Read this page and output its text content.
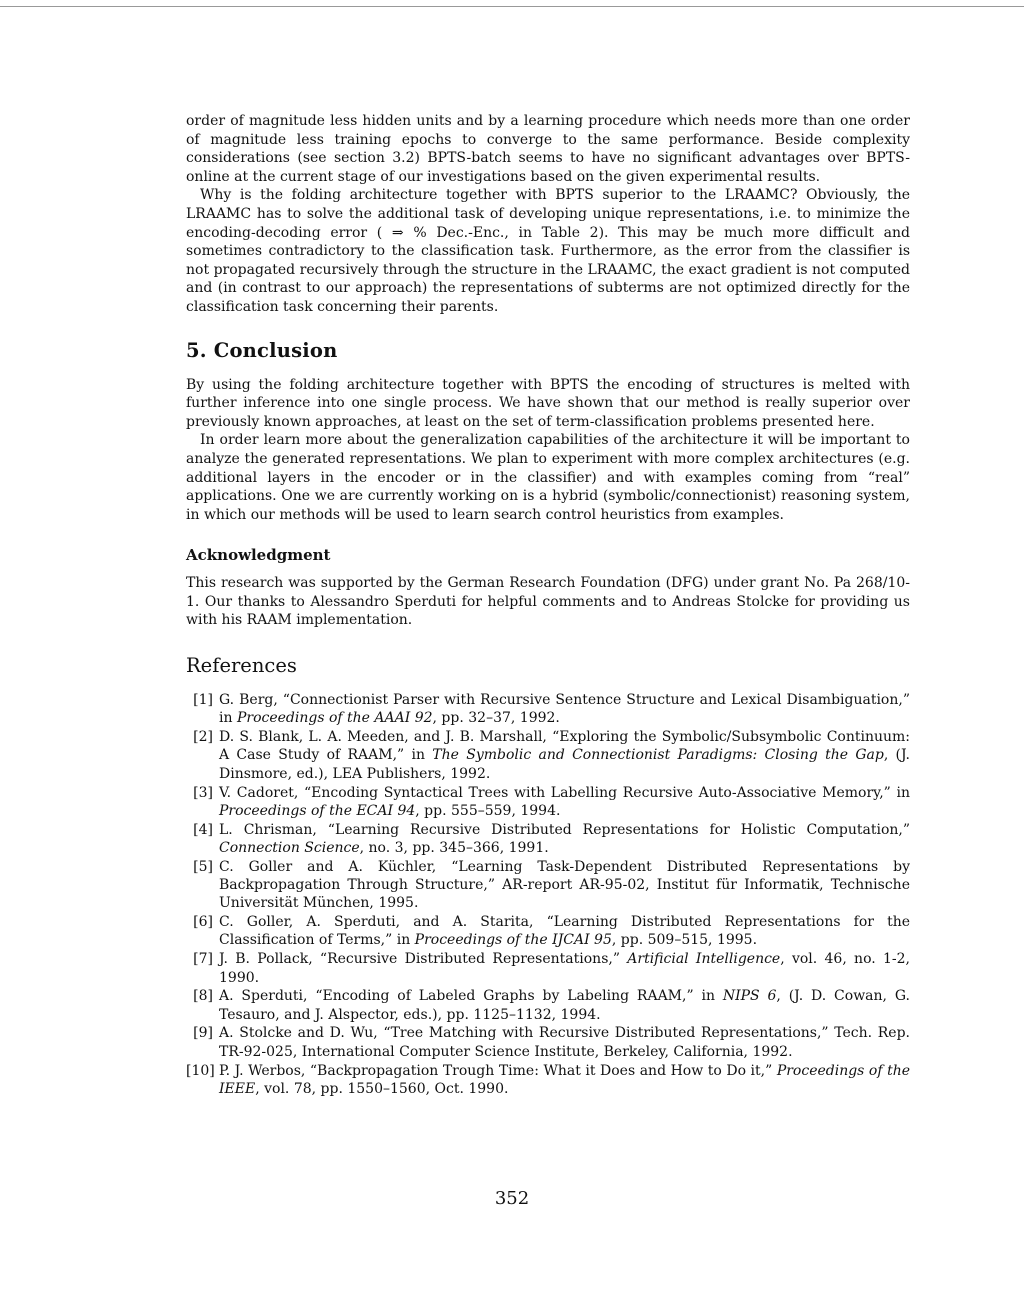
order of magnitude less hidden units and by a learning procedure which needs more than one order of magnitude less training epochs to converge to the same performance. Beside complexity considerations (see section 3.2) BPTS-batch seems to have no significant advantages over BPTS-online at the current stage of our investigations based on the given experimental results.

Why is the folding architecture together with BPTS superior to the LRAAMC? Obviously, the LRAAMC has to solve the additional task of developing unique representations, i.e. to minimize the encoding-decoding error ( ⇒ % Dec.-Enc., in Table 2). This may be much more difficult and sometimes contradictory to the classification task. Furthermore, as the error from the classifier is not propagated recursively through the structure in the LRAAMC, the exact gradient is not computed and (in contrast to our approach) the representations of subterms are not optimized directly for the classification task concerning their parents.

5. Conclusion

By using the folding architecture together with BPTS the encoding of structures is melted with further inference into one single process. We have shown that our method is really superior over previously known approaches, at least on the set of term-classification problems presented here.

In order learn more about the generalization capabilities of the architecture it will be important to analyze the generated representations. We plan to experiment with more complex architectures (e.g. additional layers in the encoder or in the classifier) and with examples coming from “real” applications. One we are currently working on is a hybrid (symbolic/connectionist) reasoning system, in which our methods will be used to learn search control heuristics from examples.

Acknowledgment

This research was supported by the German Research Foundation (DFG) under grant No. Pa 268/10-1. Our thanks to Alessandro Sperduti for helpful comments and to Andreas Stolcke for providing us with his RAAM implementation.

References
[1] G. Berg, “Connectionist Parser with Recursive Sentence Structure and Lexical Disambiguation,” in Proceedings of the AAAI 92, pp. 32–37, 1992.
[2] D. S. Blank, L. A. Meeden, and J. B. Marshall, “Exploring the Symbolic/Subsymbolic Continuum: A Case Study of RAAM,” in The Symbolic and Connectionist Paradigms: Closing the Gap, (J. Dinsmore, ed.), LEA Publishers, 1992.
[3] V. Cadoret, “Encoding Syntactical Trees with Labelling Recursive Auto-Associative Memory,” in Proceedings of the ECAI 94, pp. 555–559, 1994.
[4] L. Chrisman, “Learning Recursive Distributed Representations for Holistic Computation,” Connection Science, no. 3, pp. 345–366, 1991.
[5] C. Goller and A. Küchler, “Learning Task-Dependent Distributed Representations by Backpropagation Through Structure,” AR-report AR-95-02, Institut für Informatik, Technische Universität München, 1995.
[6] C. Goller, A. Sperduti, and A. Starita, “Learning Distributed Representations for the Classification of Terms,” in Proceedings of the IJCAI 95, pp. 509–515, 1995.
[7] J. B. Pollack, “Recursive Distributed Representations,” Artificial Intelligence, vol. 46, no. 1-2, 1990.
[8] A. Sperduti, “Encoding of Labeled Graphs by Labeling RAAM,” in NIPS 6, (J. D. Cowan, G. Tesauro, and J. Alspector, eds.), pp. 1125–1132, 1994.
[9] A. Stolcke and D. Wu, “Tree Matching with Recursive Distributed Representations,” Tech. Rep. TR-92-025, International Computer Science Institute, Berkeley, California, 1992.
[10] P. J. Werbos, “Backpropagation Trough Time: What it Does and How to Do it,” Proceedings of the IEEE, vol. 78, pp. 1550–1560, Oct. 1990.
352
